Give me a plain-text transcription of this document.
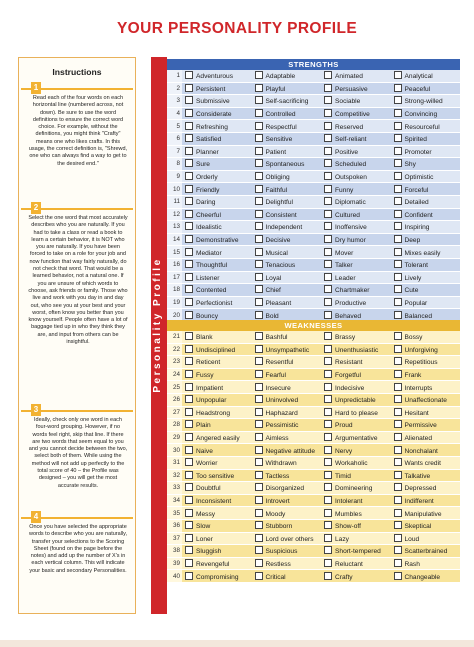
YOUR PERSONALITY PROFILE
Instructions
1
Read each of the four words on each horizontal line (numbered across, not down). Be sure to use the word definitions to ensure the correct word choice. For example, without the definitions, you might think "Crafty" means one who likes crafts. In this usage, the correct definition is, "Shrewd, one who can always find a way to get to the desired end."
2
Select the one word that most accurately describes who you are naturally. If you had to take a class or read a book to learn a certain behavior, it is NOT who you are naturally. If you have been forced to take on a role for your job and now function that way fairly naturally, do not check that word. That would be a learned behavior, not a natural one. If you are unsure of which words to choose, ask friends or family. Those who live and work with you day in and day out, who see you at your best and your worst, often know you better than you know yourself. People often have a lot of baggage tied up in who they think they are, and input from others can be insightful.
3
Ideally, check only one word in each four-word grouping. However, if no words feel right, skip that line. If there are two words that seem equal to you and you cannot decide between the two, select both of them. While using the method will not add up perfectly to the total score of 40 – the Profile was designed – you will get the most accurate results.
4
Once you have selected the appropriate words to describe who you are naturally, transfer your selections to the Scoring Sheet (found on the page before the notes) and add up the number of X's in each vertical column. This will indicate your basic and secondary Personalities.
Personality Profile
STRENGTHS
1	Adventurous	Adaptable	Animated	Analytical
2	Persistent	Playful	Persuasive	Peaceful
3	Submissive	Self-sacrificing	Sociable	Strong-willed
4	Considerate	Controlled	Competitive	Convincing
5	Refreshing	Respectful	Reserved	Resourceful
6	Satisfied	Sensitive	Self-reliant	Spirited
7	Planner	Patient	Positive	Promoter
8	Sure	Spontaneous	Scheduled	Shy
9	Orderly	Obliging	Outspoken	Optimistic
10	Friendly	Faithful	Funny	Forceful
11	Daring	Delightful	Diplomatic	Detailed
12	Cheerful	Consistent	Cultured	Confident
13	Idealistic	Independent	Inoffensive	Inspiring
14	Demonstrative	Decisive	Dry humor	Deep
15	Mediator	Musical	Mover	Mixes easily
16	Thoughtful	Tenacious	Talker	Tolerant
17	Listener	Loyal	Leader	Lively
18	Contented	Chief	Chartmaker	Cute
19	Perfectionist	Pleasant	Productive	Popular
20	Bouncy	Bold	Behaved	Balanced
WEAKNESSES
21	Blank	Bashful	Brassy	Bossy
22	Undisciplined	Unsympathetic	Unenthusiastic	Unforgiving
23	Reticent	Resentful	Resistant	Repetitious
24	Fussy	Fearful	Forgetful	Frank
25	Impatient	Insecure	Indecisive	Interrupts
26	Unpopular	Uninvolved	Unpredictable	Unaffectionate
27	Headstrong	Haphazard	Hard to please	Hesitant
28	Plain	Pessimistic	Proud	Permissive
29	Angered easily	Aimless	Argumentative	Alienated
30	Naive	Negative attitude	Nervy	Nonchalant
31	Worrier	Withdrawn	Workaholic	Wants credit
32	Too sensitive	Tactless	Timid	Talkative
33	Doubtful	Disorganized	Domineering	Depressed
34	Inconsistent	Introvert	Intolerant	Indifferent
35	Messy	Moody	Mumbles	Manipulative
36	Slow	Stubborn	Show-off	Skeptical
37	Loner	Lord over others	Lazy	Loud
38	Sluggish	Suspicious	Short-tempered	Scatterbrained
39	Revengeful	Restless	Reluctant	Rash
40	Compromising	Critical	Crafty	Changeable
